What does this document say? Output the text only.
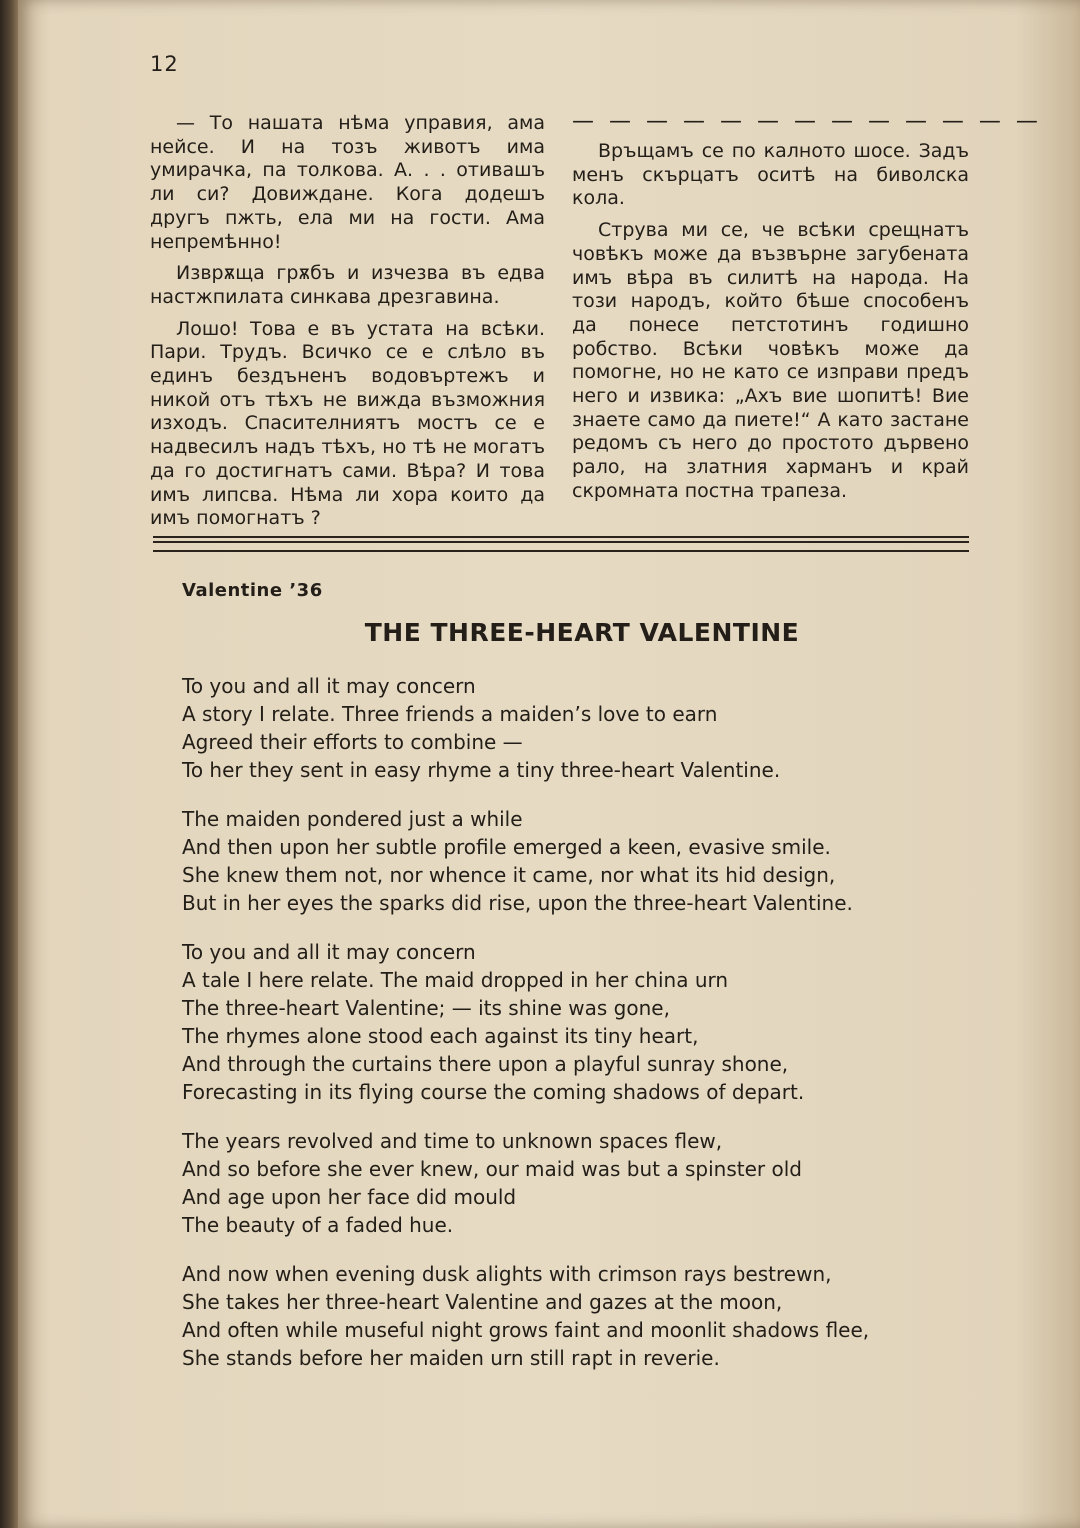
12

— То нашата нѣма управия, ама нейсе. И на тозъ животъ има умирачка, па толкова. А. . . отивашъ ли си? Довиждане. Кога додешъ другъ пжть, ела ми на гости. Ама непремѣнно!

Изврѫща грѫбъ и изчезва въ едва настжпилата синкава дрезгавина.

Лошо! Това е въ устата на всѣки. Пари. Трудъ. Всичко се е слѣло въ единъ бездъненъ водовъртежъ и никой отъ тѣхъ не вижда възможния изходъ. Спасителниятъ мостъ се е надвесилъ надъ тѣхъ, но тѣ не могатъ да го достигнатъ сами. Вѣра? И това имъ липсва. Нѣма ли хора които да имъ помогнатъ ?

— — — — — — — — — — — — —

Връщамъ се по калното шосе. Задъ менъ скърцатъ оситѣ на биволска кола.

Струва ми се, че всѣки срещнатъ човѣкъ може да възвърне загубената имъ вѣра въ силитѣ на народа. На този народъ, който бѣше способенъ да понесе петстотинъ годишно робство. Всѣки човѣкъ може да помогне, но не като се изправи предъ него и извика: „Ахъ вие шопитѣ! Вие знаете само да пиете!“ А като застане редомъ съ него до простото дървено рало, на златния харманъ и край скромната постна трапеза.

Valentine ’36
THE THREE-HEART VALENTINE
To you and all it may concern
A story I relate. Three friends a maiden’s love to earn
Agreed their efforts to combine —
To her they sent in easy rhyme a tiny three-heart Valentine.
The maiden pondered just a while
And then upon her subtle profile emerged a keen, evasive smile.
She knew them not, nor whence it came, nor what its hid design,
But in her eyes the sparks did rise, upon the three-heart Valentine.
To you and all it may concern
A tale I here relate. The maid dropped in her china urn
The three-heart Valentine; — its shine was gone,
The rhymes alone stood each against its tiny heart,
And through the curtains there upon a playful sunray shone,
Forecasting in its flying course the coming shadows of depart.
The years revolved and time to unknown spaces flew,
And so before she ever knew, our maid was but a spinster old
And age upon her face did mould
The beauty of a faded hue.
And now when evening dusk alights with crimson rays bestrewn,
She takes her three-heart Valentine and gazes at the moon,
And often while museful night grows faint and moonlit shadows flee,
She stands before her maiden urn still rapt in reverie.
